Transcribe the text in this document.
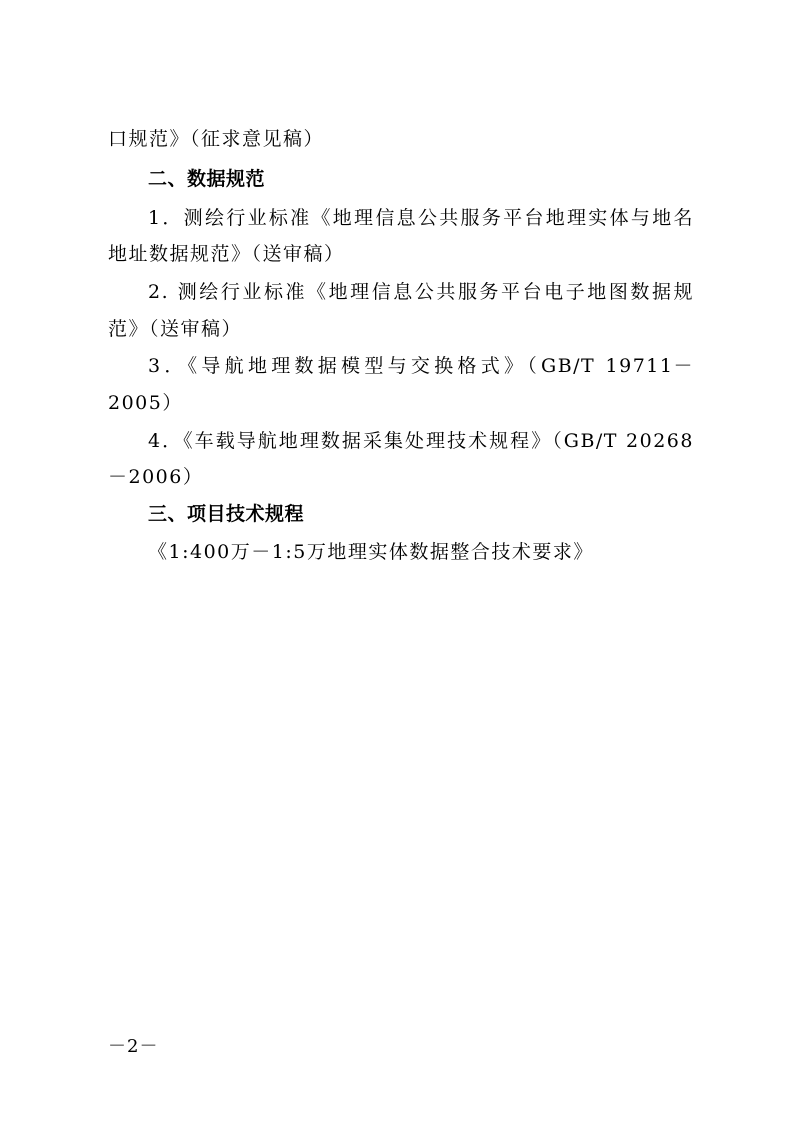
口规范》（征求意见稿）
二、数据规范
1．测绘行业标准《地理信息公共服务平台地理实体与地名
地址数据规范》（送审稿）
2. 测绘行业标准《地理信息公共服务平台电子地图数据规
范》（送审稿）
3．《导航地理数据模型与交换格式》（GB/T 19711－
2005）
4．《车载导航地理数据采集处理技术规程》（GB/T 20268
－2006）
三、项目技术规程
《1:400万－1:5万地理实体数据整合技术要求》
－2－
